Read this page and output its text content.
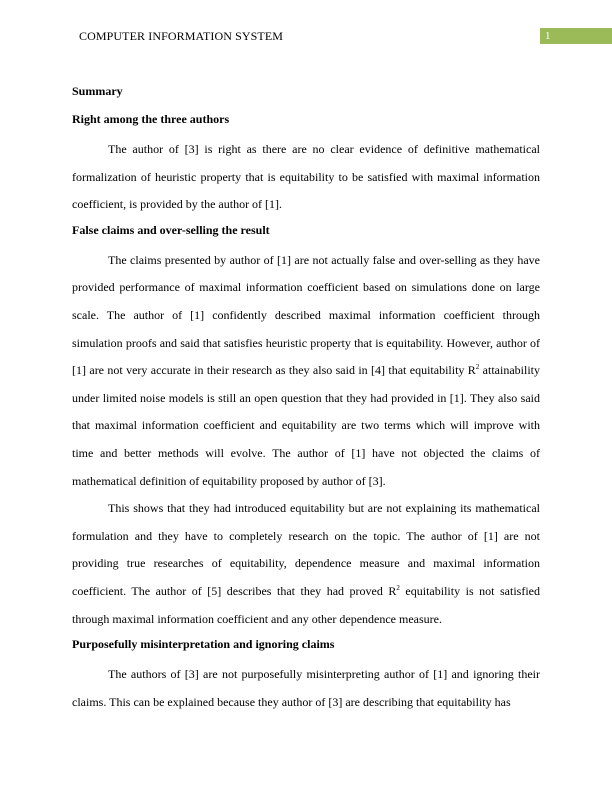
COMPUTER INFORMATION SYSTEM	1
Summary
Right among the three authors

The author of [3] is right as there are no clear evidence of definitive mathematical formalization of heuristic property that is equitability to be satisfied with maximal information coefficient, is provided by the author of [1].

False claims and over-selling the result

The claims presented by author of [1] are not actually false and over-selling as they have provided performance of maximal information coefficient based on simulations done on large scale. The author of [1] confidently described maximal information coefficient through simulation proofs and said that satisfies heuristic property that is equitability. However, author of [1] are not very accurate in their research as they also said in [4] that equitability $R^2$ attainability under limited noise models is still an open question that they had provided in [1]. They also said that maximal information coefficient and equitability are two terms which will improve with time and better methods will evolve. The author of [1] have not objected the claims of mathematical definition of equitability proposed by author of [3].

This shows that they had introduced equitability but are not explaining its mathematical formulation and they have to completely research on the topic. The author of [1] are not providing true researches of equitability, dependence measure and maximal information coefficient. The author of [5] describes that they had proved $R^2$ equitability is not satisfied through maximal information coefficient and any other dependence measure.

Purposefully misinterpretation and ignoring claims

The authors of [3] are not purposefully misinterpreting author of [1] and ignoring their claims. This can be explained because they author of [3] are describing that equitability has
